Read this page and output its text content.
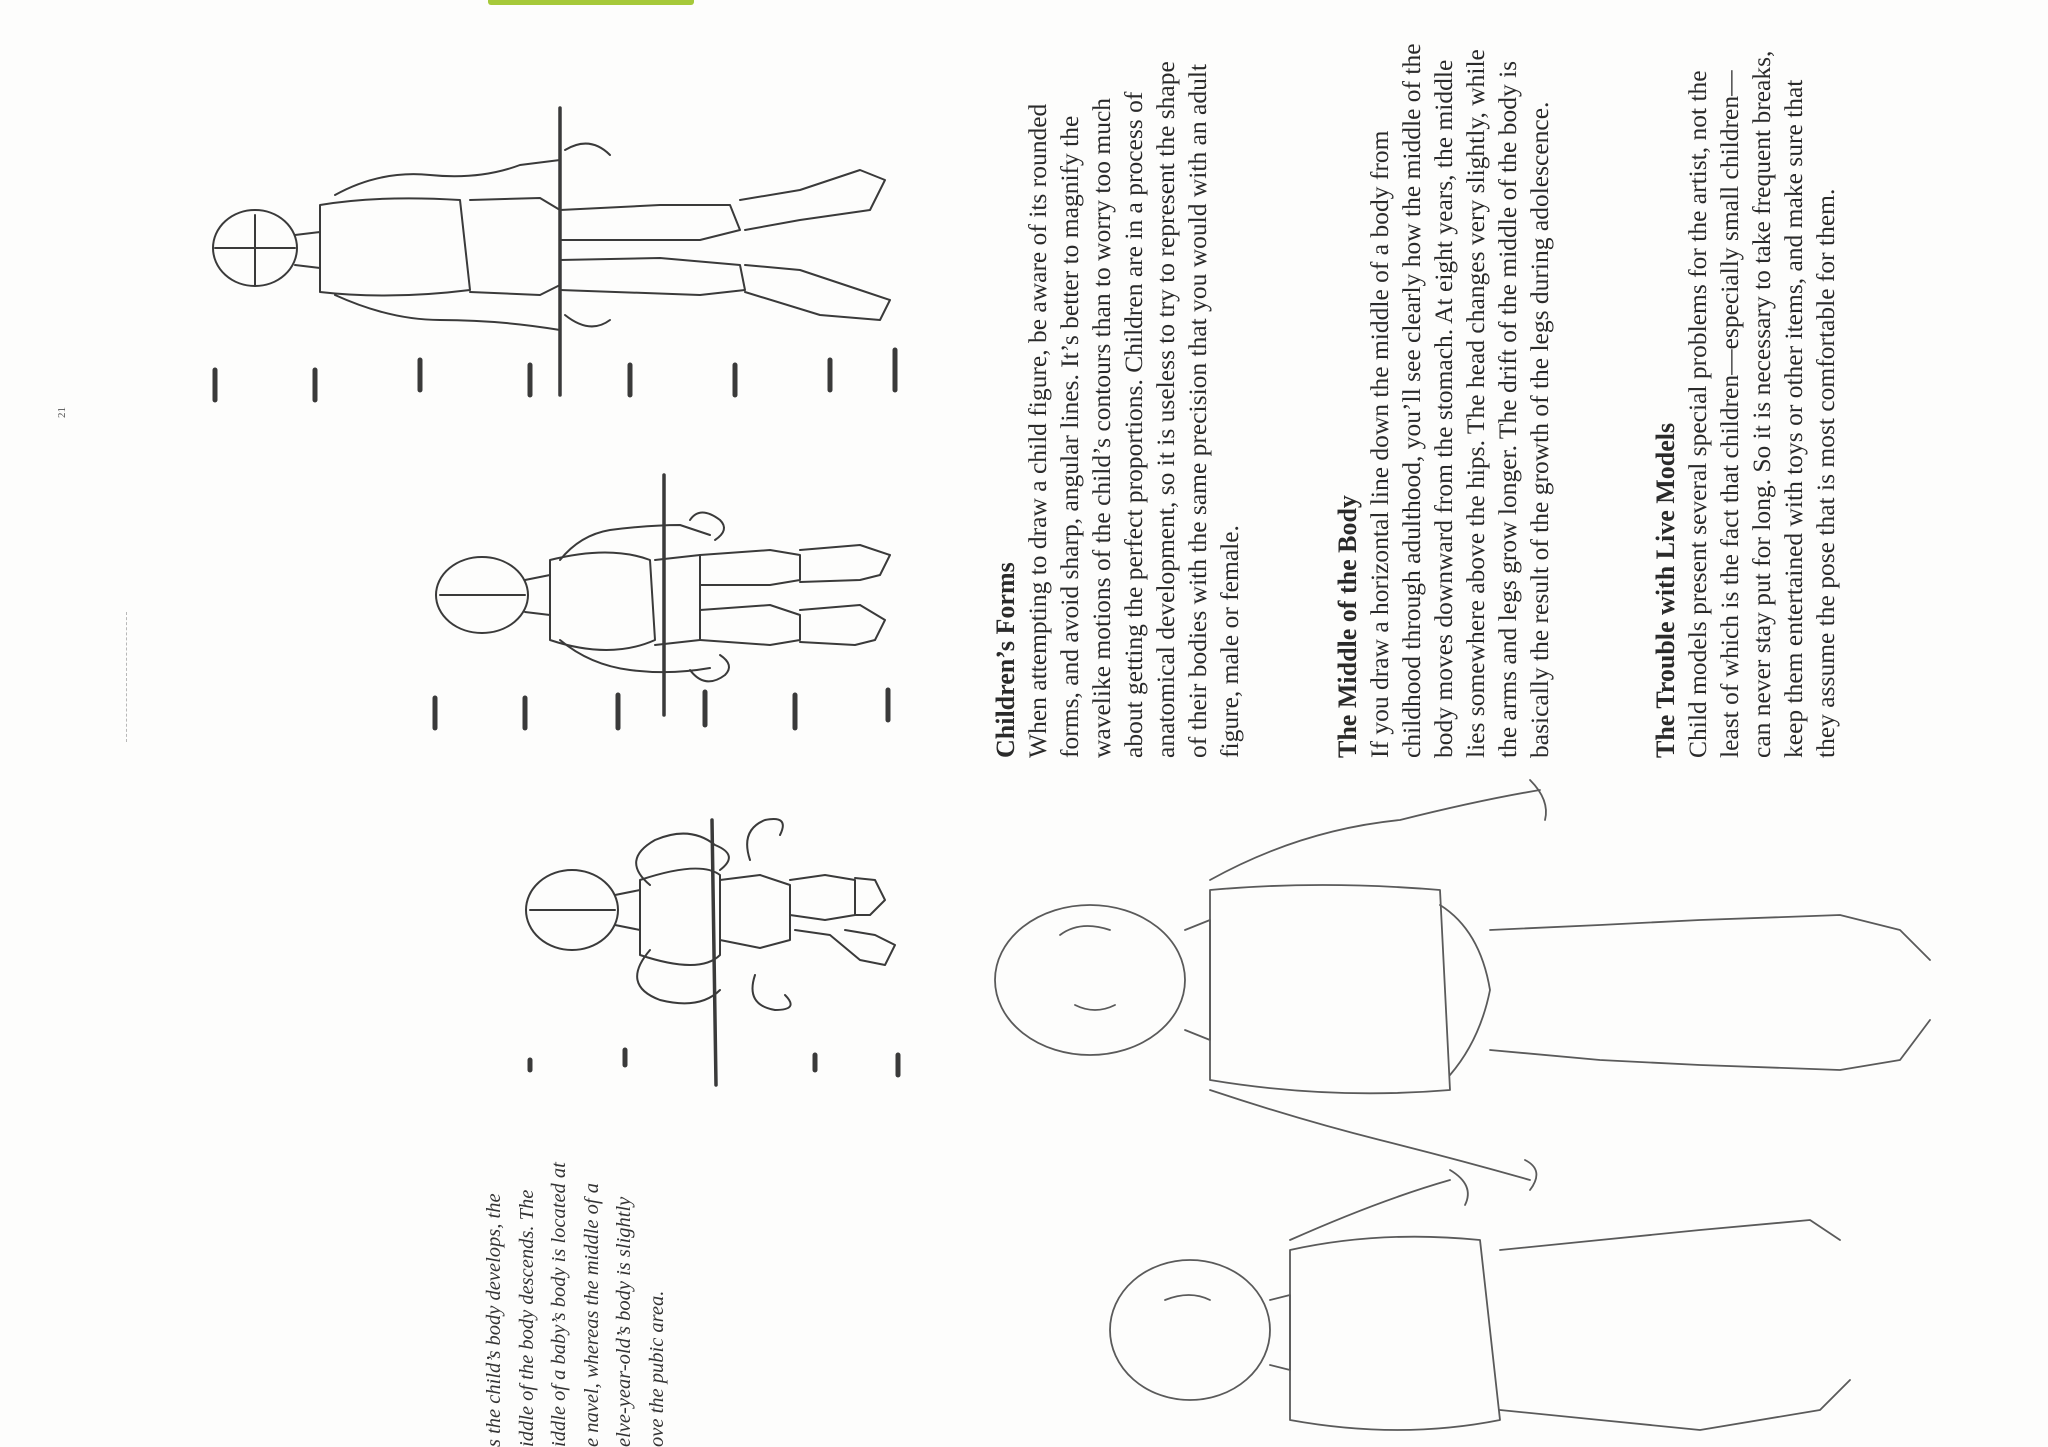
21
s the child’s body develops, the iddle of the body descends. The iddle of a baby’s body is located at e navel, whereas the middle of a elve-year-old’s body is slightly ove the pubic area.
Children’s Forms When attempting to draw a child figure, be aware of its rounded forms, and avoid sharp, angular lines. It’s better to magnify the wavelike motions of the child’s contours than to worry too much about getting the perfect proportions. Children are in a process of anatomical development, so it is useless to try to represent the shape of their bodies with the same precision that you would with an adult figure, male or female.	The Middle of the Body If you draw a horizontal line down the middle of a body from childhood through adulthood, you’ll see clearly how the middle of the body moves downward from the stomach. At eight years, the middle lies somewhere above the hips. The head changes very slightly, while the arms and legs grow longer. The drift of the middle of the body is basically the result of the growth of the legs during adolescence.	The Trouble with Live Models Child models present several special problems for the artist, not the least of which is the fact that children—especially small children—can never stay put for long. So it is necessary to take frequent breaks, keep them entertained with toys or other items, and make sure that they assume the pose that is most comfortable for them.
